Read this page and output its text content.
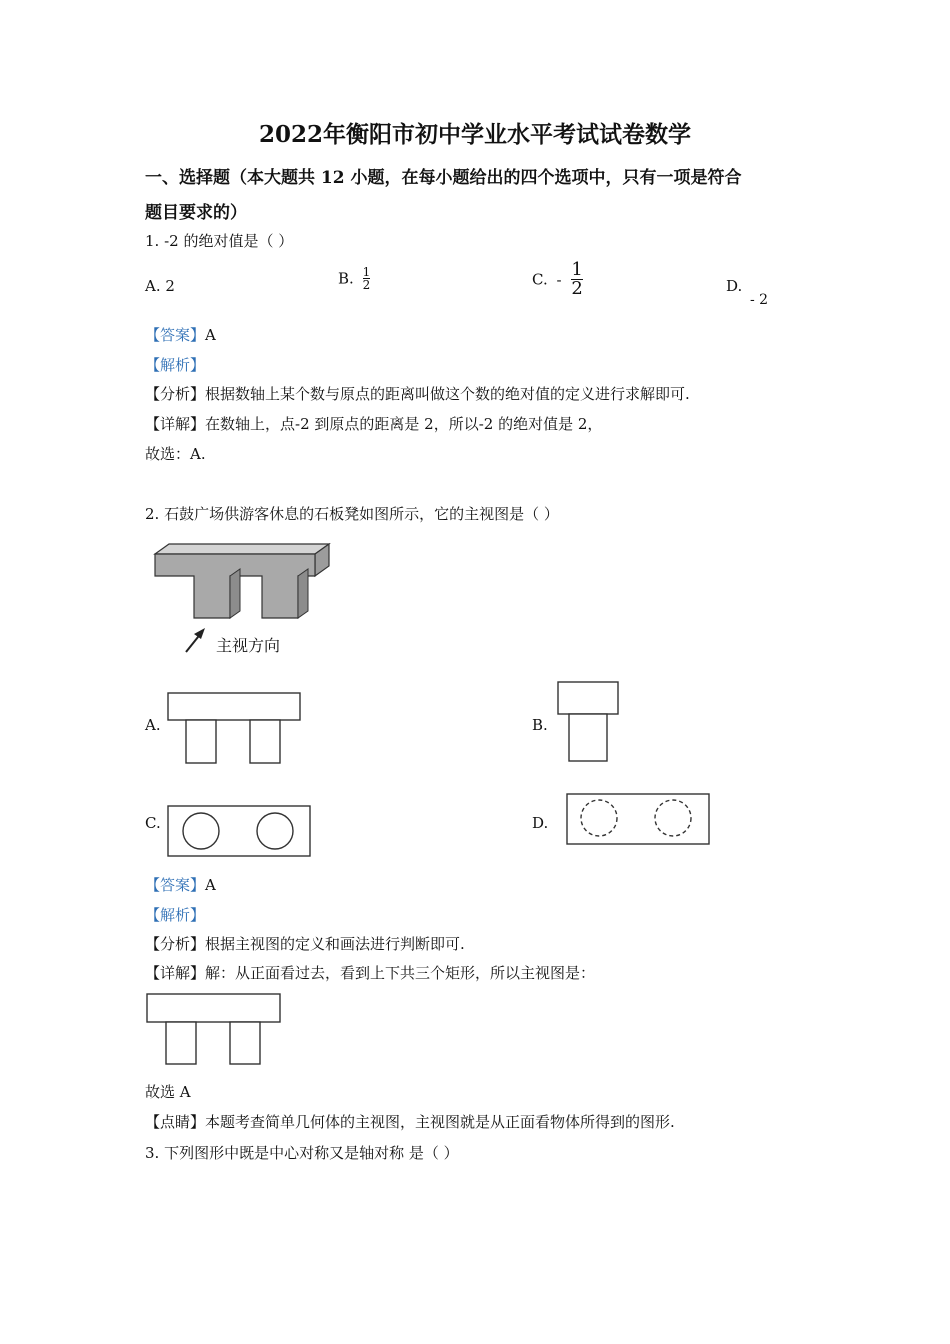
2022年衡阳市初中学业水平考试试卷数学
一、选择题（本大题共 12 小题，在每小题给出的四个选项中，只有一项是符合
题目要求的）
1. -2 的绝对值是（ ）
A. 2	B. $\frac{1}{2}$	C. - $\frac{1}{2}$	D.
- 2
【答案】A
【解析】
【分析】根据数轴上某个数与原点的距离叫做这个数的绝对值的定义进行求解即可.
【详解】在数轴上，点-2 到原点的距离是 2，所以-2 的绝对值是 2，
故选：A.
2. 石鼓广场供游客休息的石板凳如图所示，它的主视图是（ ）
主视方向
A.	B.
C.	D.
【答案】A
【解析】
【分析】根据主视图的定义和画法进行判断即可.
【详解】解：从正面看过去，看到上下共三个矩形，所以主视图是：
故选 A
【点睛】本题考查简单几何体的主视图，主视图就是从正面看物体所得到的图形.
3. 下列图形中既是中心对称又是轴对称 是（ ）
